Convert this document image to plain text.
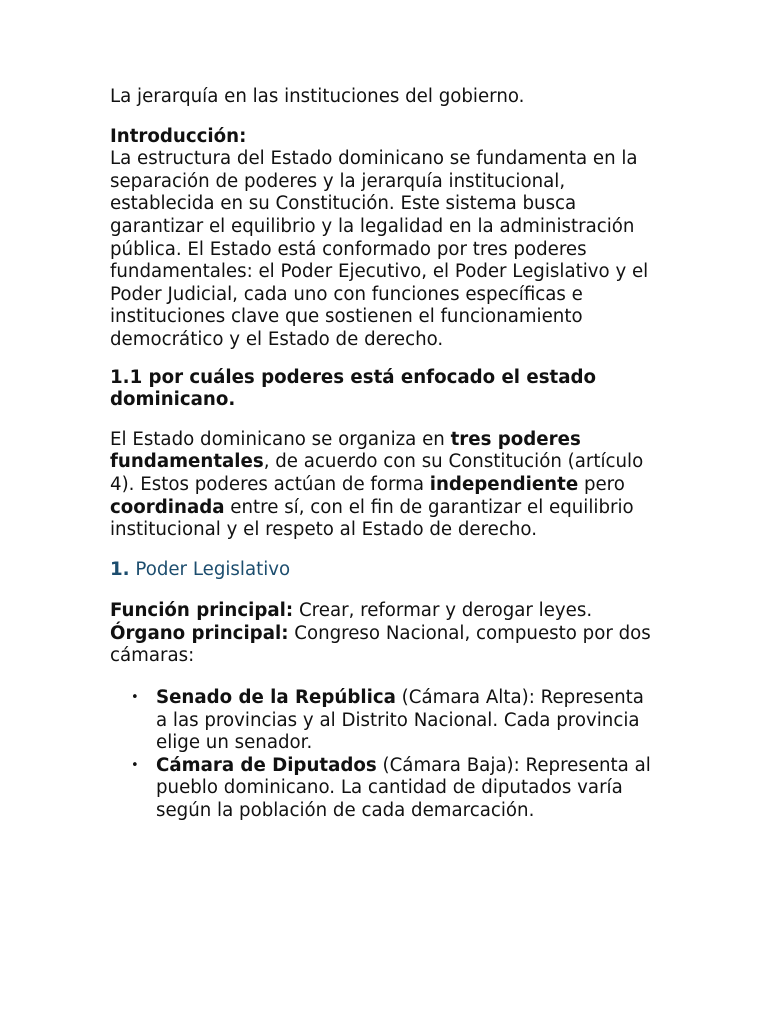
La jerarquía en las instituciones del gobierno.

Introducción:

La estructura del Estado dominicano se fundamenta en la separación de poderes y la jerarquía institucional, establecida en su Constitución. Este sistema busca garantizar el equilibrio y la legalidad en la administración pública. El Estado está conformado por tres poderes fundamentales: el Poder Ejecutivo, el Poder Legislativo y el Poder Judicial, cada uno con funciones específicas e instituciones clave que sostienen el funcionamiento democrático y el Estado de derecho.

1.1 por cuáles poderes está enfocado el estado dominicano.

El Estado dominicano se organiza en tres poderes fundamentales, de acuerdo con su Constitución (artículo 4). Estos poderes actúan de forma independiente pero coordinada entre sí, con el fin de garantizar el equilibrio institucional y el respeto al Estado de derecho.

1. Poder Legislativo

Función principal: Crear, reformar y derogar leyes.

Órgano principal: Congreso Nacional, compuesto por dos cámaras:

• Senado de la República (Cámara Alta): Representa a las provincias y al Distrito Nacional. Cada provincia elige un senador.
• Cámara de Diputados (Cámara Baja): Representa al pueblo dominicano. La cantidad de diputados varía según la población de cada demarcación.
